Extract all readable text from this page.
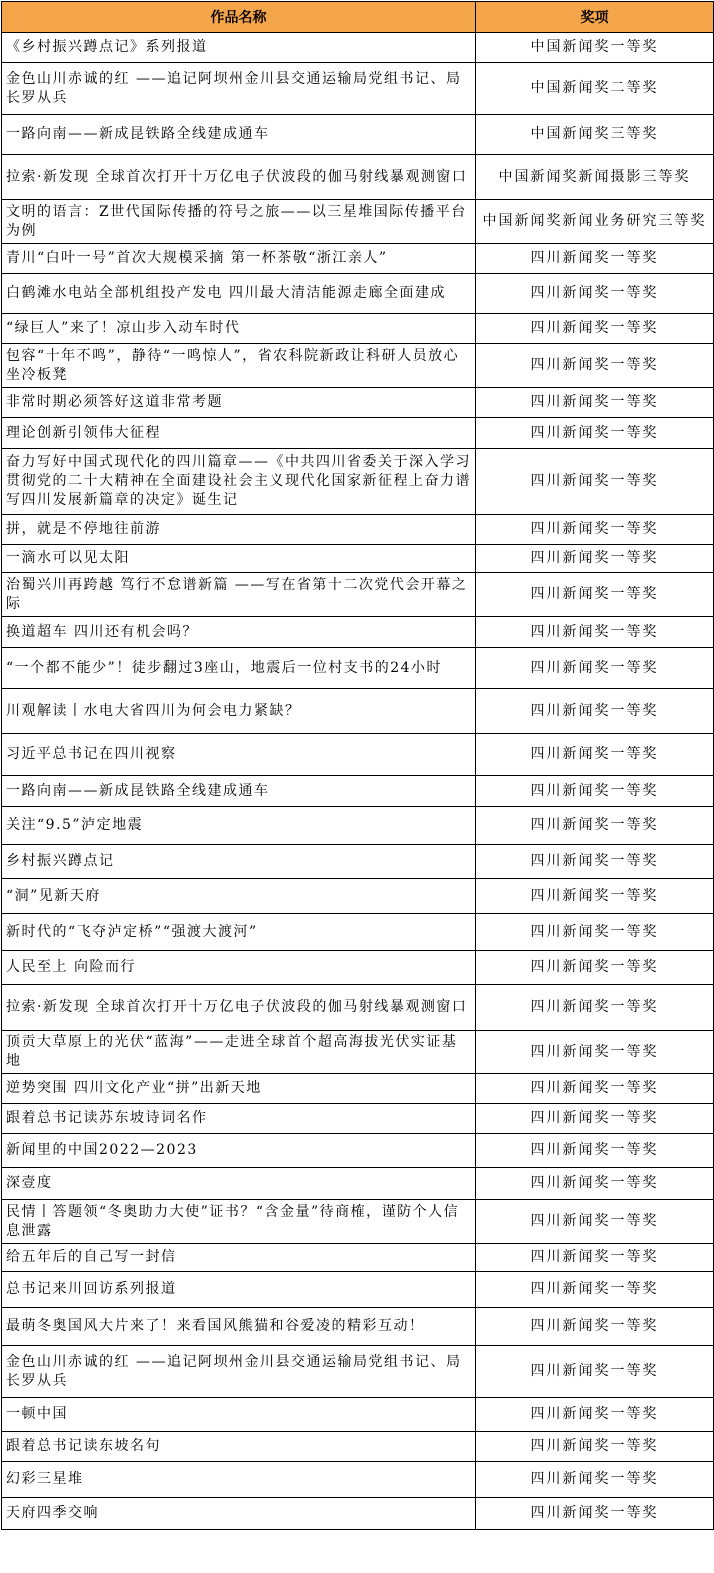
作品名称	奖项
《乡村振兴蹲点记》系列报道	中国新闻奖一等奖
金色山川赤诚的红 ——追记阿坝州金川县交通运输局党组书记、局长罗从兵	中国新闻奖二等奖
一路向南——新成昆铁路全线建成通车	中国新闻奖三等奖
拉索·新发现 全球首次打开十万亿电子伏波段的伽马射线暴观测窗口	中国新闻奖新闻摄影三等奖
文明的语言：Z世代国际传播的符号之旅——以三星堆国际传播平台为例	中国新闻奖新闻业务研究三等奖
青川“白叶一号”首次大规模采摘 第一杯茶敬“浙江亲人”	四川新闻奖一等奖
白鹤滩水电站全部机组投产发电 四川最大清洁能源走廊全面建成	四川新闻奖一等奖
“绿巨人”来了！凉山步入动车时代	四川新闻奖一等奖
包容“十年不鸣”，静待“一鸣惊人”，省农科院新政让科研人员放心坐冷板凳	四川新闻奖一等奖
非常时期必须答好这道非常考题	四川新闻奖一等奖
理论创新引领伟大征程	四川新闻奖一等奖
奋力写好中国式现代化的四川篇章——《中共四川省委关于深入学习贯彻党的二十大精神在全面建设社会主义现代化国家新征程上奋力谱写四川发展新篇章的决定》诞生记	四川新闻奖一等奖
拼，就是不停地往前游	四川新闻奖一等奖
一滴水可以见太阳	四川新闻奖一等奖
治蜀兴川再跨越 笃行不怠谱新篇 ——写在省第十二次党代会开幕之际	四川新闻奖一等奖
换道超车 四川还有机会吗？	四川新闻奖一等奖
“一个都不能少”！徒步翻过3座山，地震后一位村支书的24小时	四川新闻奖一等奖
川观解读丨水电大省四川为何会电力紧缺？	四川新闻奖一等奖
习近平总书记在四川视察	四川新闻奖一等奖
一路向南——新成昆铁路全线建成通车	四川新闻奖一等奖
关注“9.5”泸定地震	四川新闻奖一等奖
乡村振兴蹲点记	四川新闻奖一等奖
“洞”见新天府	四川新闻奖一等奖
新时代的“飞夺泸定桥”“强渡大渡河”	四川新闻奖一等奖
人民至上 向险而行	四川新闻奖一等奖
拉索·新发现 全球首次打开十万亿电子伏波段的伽马射线暴观测窗口	四川新闻奖一等奖
顶贡大草原上的光伏“蓝海”——走进全球首个超高海拔光伏实证基地	四川新闻奖一等奖
逆势突围 四川文化产业“拼”出新天地	四川新闻奖一等奖
跟着总书记读苏东坡诗词名作	四川新闻奖一等奖
新闻里的中国2022—2023	四川新闻奖一等奖
深壹度	四川新闻奖一等奖
民情丨答题领“冬奥助力大使”证书？“含金量”待商榷，谨防个人信息泄露	四川新闻奖一等奖
给五年后的自己写一封信	四川新闻奖一等奖
总书记来川回访系列报道	四川新闻奖一等奖
最萌冬奥国风大片来了！来看国风熊猫和谷爱凌的精彩互动！	四川新闻奖一等奖
金色山川赤诚的红 ——追记阿坝州金川县交通运输局党组书记、局长罗从兵	四川新闻奖一等奖
一顿中国	四川新闻奖一等奖
跟着总书记读东坡名句	四川新闻奖一等奖
幻彩三星堆	四川新闻奖一等奖
天府四季交响	四川新闻奖一等奖
